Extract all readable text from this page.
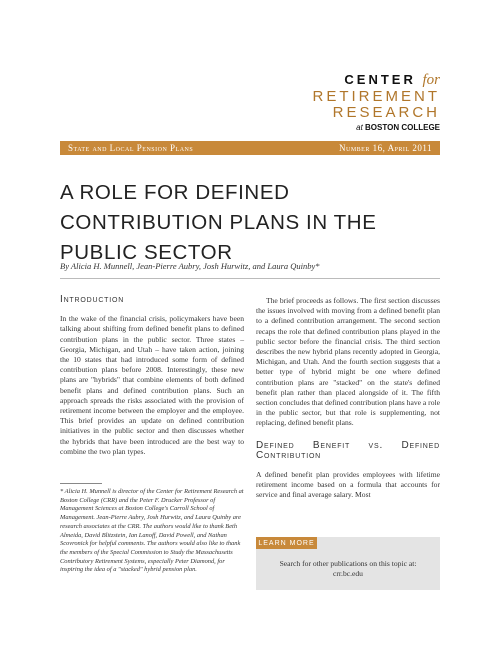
CENTER for
RETIREMENT
RESEARCH
at BOSTON COLLEGE
State and Local Pension Plans	Number 16, April 2011
A ROLE FOR DEFINED CONTRIBUTION PLANS IN THE PUBLIC SECTOR
By Alicia H. Munnell, Jean-Pierre Aubry, Josh Hurwitz, and Laura Quinby*

Introduction

In the wake of the financial crisis, policymakers have been talking about shifting from defined benefit plans to defined contribution plans in the public sector. Three states – Georgia, Michigan, and Utah – have taken action, joining the 10 states that had introduced some form of defined contribution plans before 2008. Interestingly, these new plans are "hybrids" that combine elements of both defined benefit plans and defined contribution plans. Such an approach spreads the risks associated with the provision of retirement income between the employer and the employee. This brief provides an update on defined contribution initiatives in the public sector and then discusses whether the hybrids that have been introduced are the best way to combine the two plan types.

The brief proceeds as follows. The first section discusses the issues involved with moving from a defined benefit plan to a defined contribution arrangement. The second section recaps the role that defined contribution plans played in the public sector before the financial crisis. The third section describes the new hybrid plans recently adopted in Georgia, Michigan, and Utah. And the fourth section suggests that a better type of hybrid might be one where defined contribution plans are "stacked" on the state's defined benefit plan rather than placed alongside of it. The fifth section concludes that defined contribution plans have a role in the public sector, but that role is supplementing, not replacing, defined benefit plans.

Defined Benefit vs. Defined Contribution

A defined benefit plan provides employees with lifetime retirement income based on a formula that accounts for service and final average salary. Most

* Alicia H. Munnell is director of the Center for Retirement Research at Boston College (CRR) and the Peter F. Drucker Professor of Management Sciences at Boston College's Carroll School of Management. Jean-Pierre Aubry, Josh Hurwitz, and Laura Quinby are research associates at the CRR. The authors would like to thank Beth Almeida, David Blitzstein, Ian Lanoff, David Powell, and Nathan Scovronick for helpful comments. The authors would also like to thank the members of the Special Commission to Study the Massachusetts Contributory Retirement Systems, especially Peter Diamond, for inspiring the idea of a "stacked" hybrid pension plan.
LEARN MORE
Search for other publications on this topic at:
crr.bc.edu
